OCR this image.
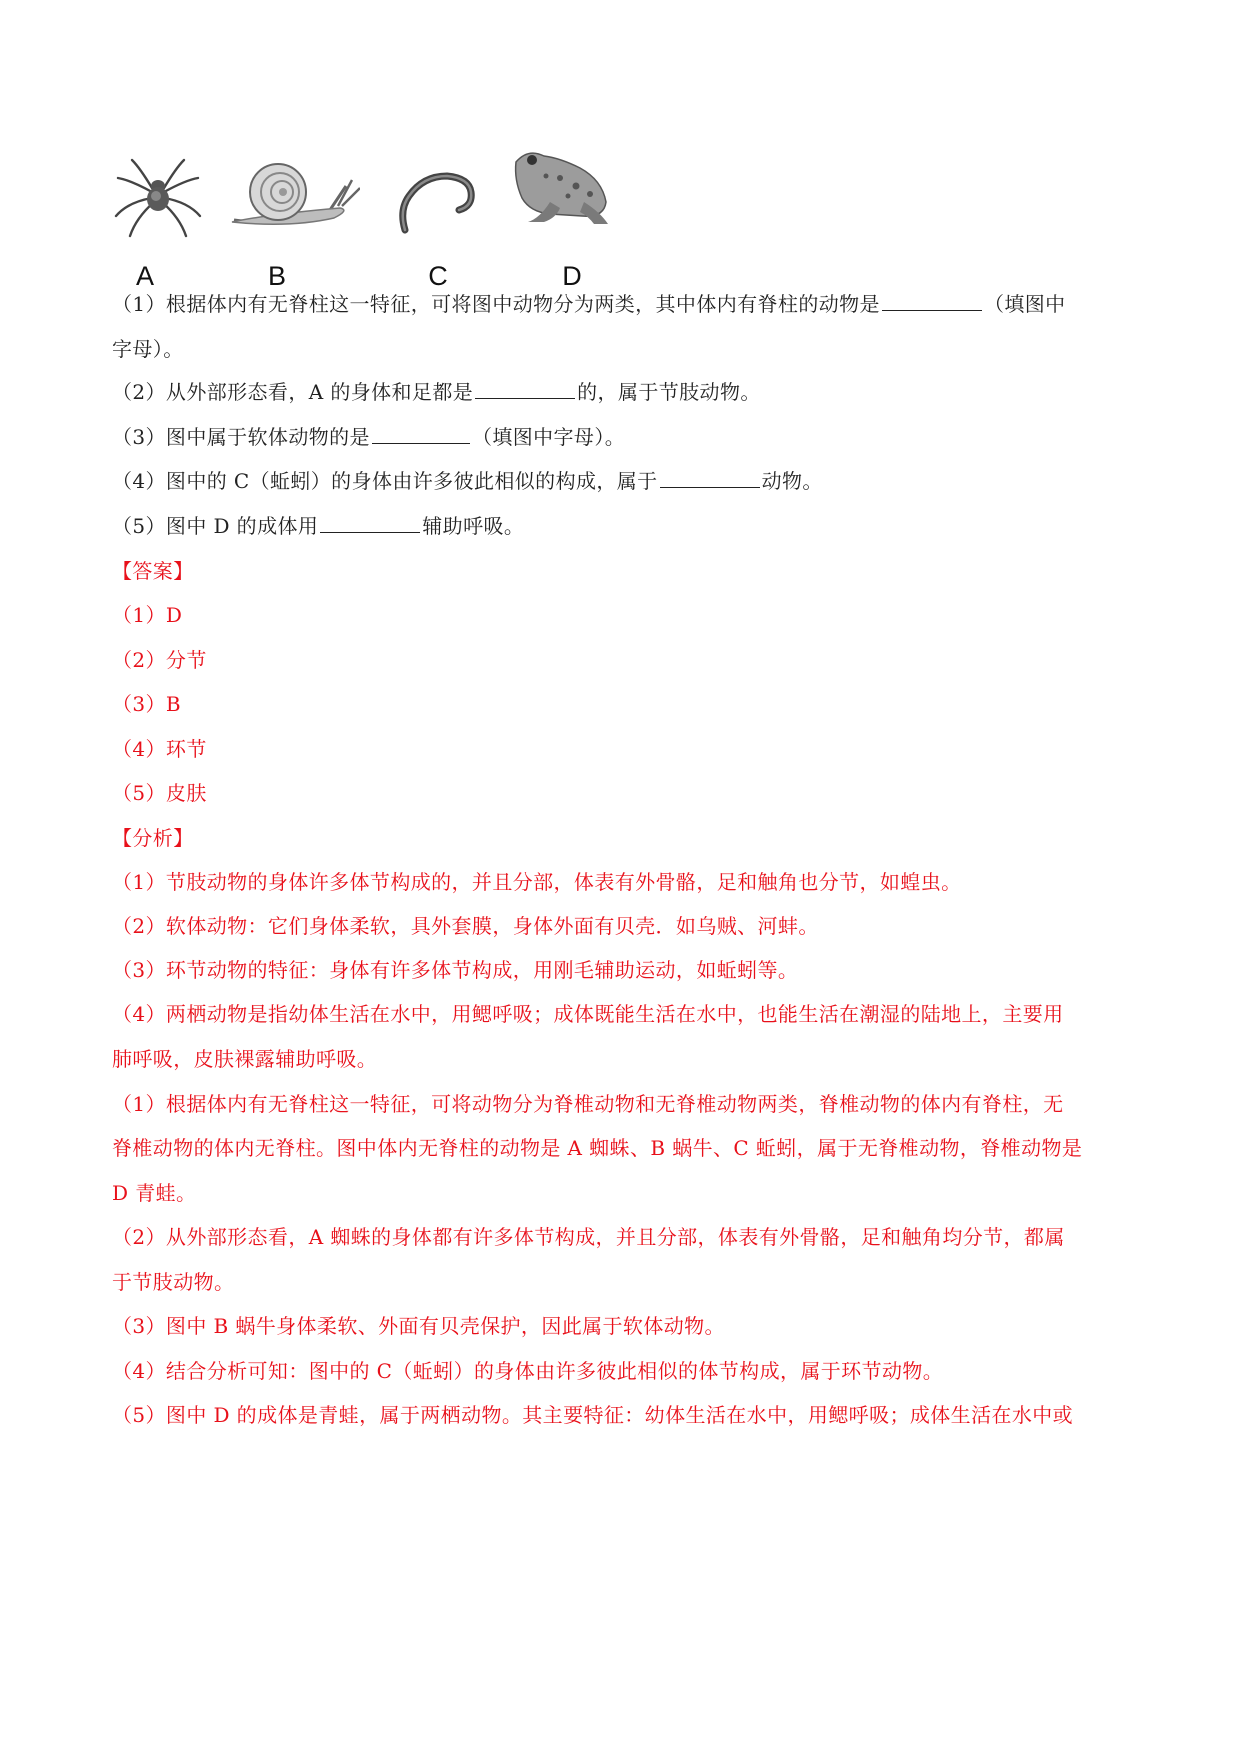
A	B	C	D
（1）根据体内有无脊柱这一特征，可将图中动物分为两类，其中体内有脊柱的动物是	（填图中
字母）。
（2）从外部形态看，A 的身体和足都是	的，属于节肢动物。
（3）图中属于软体动物的是	（填图中字母）。
（4）图中的 C（蚯蚓）的身体由许多彼此相似的构成，属于	动物。
（5）图中 D 的成体用	辅助呼吸。
【答案】
（1）D
（2）分节
（3）B
（4）环节
（5）皮肤
【分析】
（1）节肢动物的身体许多体节构成的，并且分部，体表有外骨骼，足和触角也分节，如蝗虫。
（2）软体动物：它们身体柔软，具外套膜，身体外面有贝壳．如乌贼、河蚌。
（3）环节动物的特征：身体有许多体节构成，用刚毛辅助运动，如蚯蚓等。
（4）两栖动物是指幼体生活在水中，用鳃呼吸；成体既能生活在水中，也能生活在潮湿的陆地上，主要用
肺呼吸，皮肤裸露辅助呼吸。
（1）根据体内有无脊柱这一特征，可将动物分为脊椎动物和无脊椎动物两类，脊椎动物的体内有脊柱，无
脊椎动物的体内无脊柱。图中体内无脊柱的动物是 A 蜘蛛、B 蜗牛、C 蚯蚓，属于无脊椎动物，脊椎动物是
D 青蛙。
（2）从外部形态看，A 蜘蛛的身体都有许多体节构成，并且分部，体表有外骨骼，足和触角均分节，都属
于节肢动物。
（3）图中 B 蜗牛身体柔软、外面有贝壳保护，因此属于软体动物。
（4）结合分析可知：图中的 C（蚯蚓）的身体由许多彼此相似的体节构成，属于环节动物。
（5）图中 D 的成体是青蛙，属于两栖动物。其主要特征：幼体生活在水中，用鳃呼吸；成体生活在水中或
